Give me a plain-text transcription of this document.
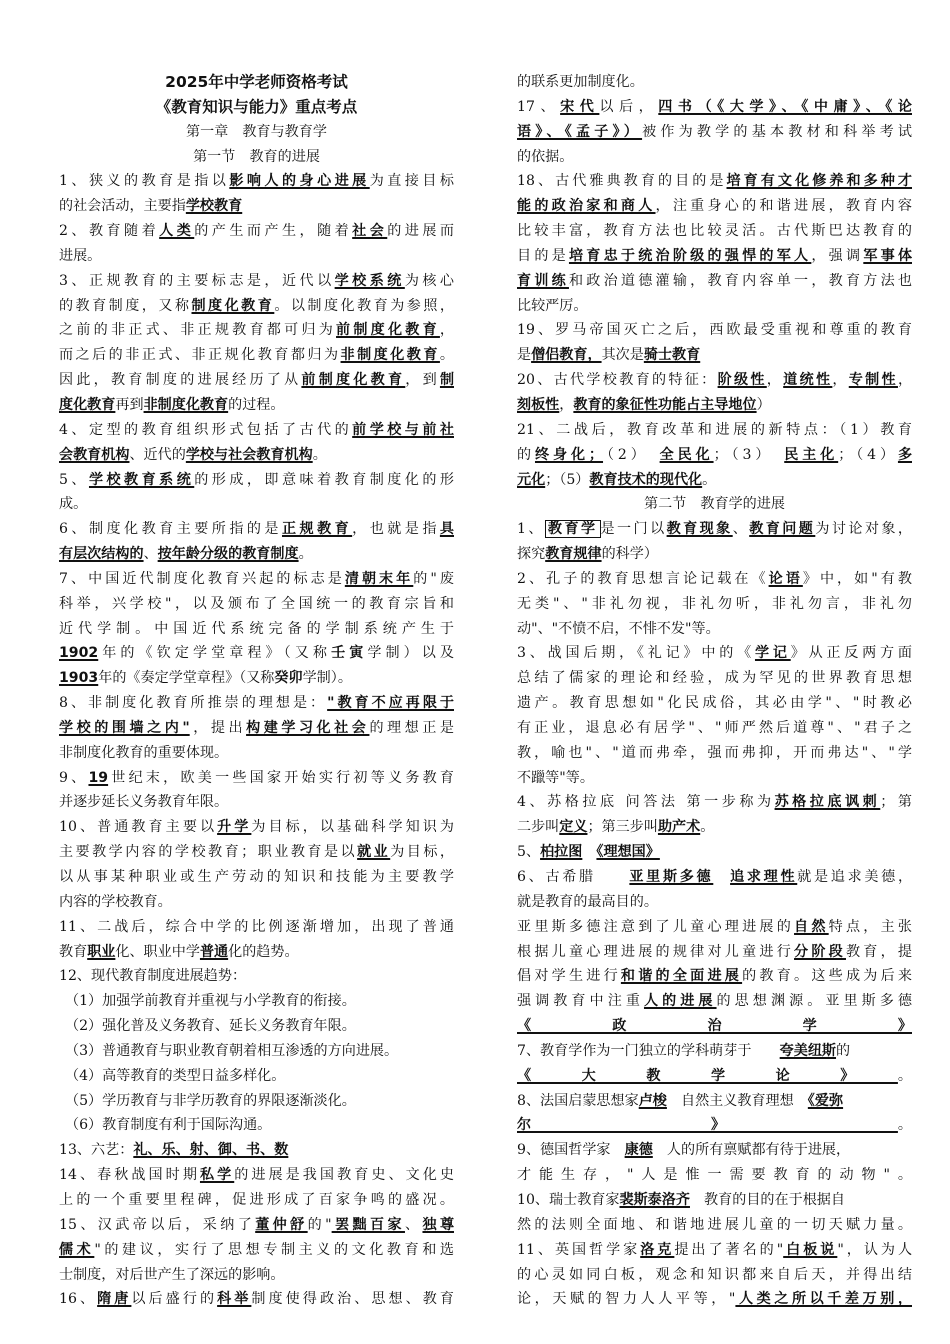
2025年中学老师资格考试
《教育知识与能力》重点考点
第一章　教育与教育学
第一节　教育的进展
1、狭义的教育是指以影响人的身心进展为直接目标
的社会活动，主要指学校教育
2、教育随着人类的产生而产生，随着社会的进展而
进展。
3、正规教育的主要标志是，近代以学校系统为核心
的教育制度，又称制度化教育。以制度化教育为参照，
之前的非正式、非正规教育都可归为前制度化教育，
而之后的非正式、非正规化教育都归为非制度化教育。
因此，教育制度的进展经历了从前制度化教育，到制
度化教育再到非制度化教育的过程。
4、定型的教育组织形式包括了古代的前学校与前社
会教育机构、近代的学校与社会教育机构。
5、学校教育系统的形成，即意味着教育制度化的形
成。
6、制度化教育主要所指的是正规教育，也就是指具
有层次结构的、按年龄分级的教育制度。
7、中国近代制度化教育兴起的标志是清朝末年的"废
科举，兴学校"，以及颁布了全国统一的教育宗旨和
近代学制。中国近代系统完备的学制系统产生于
1902年的《钦定学堂章程》（又称壬寅学制）以及
1903年的《奏定学堂章程》（又称癸卯学制）。
8、非制度化教育所推崇的理想是："教育不应再限于
学校的围墙之内"，提出构建学习化社会的理想正是
非制度化教育的重要体现。
9、19世纪末，欧美一些国家开始实行初等义务教育
并逐步延长义务教育年限。
10、普通教育主要以升学为目标，以基础科学知识为
主要教学内容的学校教育；职业教育是以就业为目标，
以从事某种职业或生产劳动的知识和技能为主要教学
内容的学校教育。
11、二战后，综合中学的比例逐渐增加，出现了普通
教育职业化、职业中学普通化的趋势。
12、现代教育制度进展趋势：
（1）加强学前教育并重视与小学教育的衔接。
（2）强化普及义务教育、延长义务教育年限。
（3）普通教育与职业教育朝着相互渗透的方向进展。
（4）高等教育的类型日益多样化。
（5）学历教育与非学历教育的界限逐渐淡化。
（6）教育制度有利于国际沟通。
13、六艺：礼、乐、射、御、书、数
14、春秋战国时期私学的进展是我国教育史、文化史
上的一个重要里程碑，促进形成了百家争鸣的盛况。
15、汉武帝以后，采纳了董仲舒的"罢黜百家、独尊
儒术"的建议，实行了思想专制主义的文化教育和选
士制度，对后世产生了深远的影响。
16、隋唐以后盛行的科举制度使得政治、思想、教育
的联系更加制度化。
17、宋代以后，四书（《大学》、《中庸》、《论
语》、《孟子》）被作为教学的基本教材和科举考试
的依据。
18、古代雅典教育的目的是培育有文化修养和多种才
能的政治家和商人，注重身心的和谐进展，教育内容
比较丰富，教育方法也比较灵活。古代斯巴达教育的
目的是培育忠于统治阶级的强悍的军人，强调军事体
育训练和政治道德灌输，教育内容单一，教育方法也
比较严厉。
19、罗马帝国灭亡之后，西欧最受重视和尊重的教育
是僧侣教育，其次是骑士教育
20、古代学校教育的特征：阶级性，道统性，专制性，
刻板性，教育的象征性功能占主导地位）
21、二战后，教育改革和进展的新特点：（1）教育
的终身化；（2）　全民化；（3）　民主化；（4）多
元化；（5）教育技术的现代化。
第二节　教育学的进展
1、 教育学 是一门以教育现象、教育问题为讨论对象，
探究教育规律的科学）
2、孔子的教育思想言论记载在《论语》中，如"有教
无类"、"非礼勿视，非礼勿听，非礼勿言，非礼勿
动"、"不愤不启，不悱不发"等。
3、战国后期，《礼记》中的《学记》从正反两方面
总结了儒家的理论和经验，成为罕见的世界教育思想
遗产。教育思想如"化民成俗，其必由学"、"时教必
有正业，退息必有居学"、"师严然后道尊"、"君子之
教，喻也"、"道而弗牵，强而弗抑，开而弗达"、"学
不躐等"等。
4、苏格拉底 问答法 第一步称为苏格拉底讽刺；第
二步叫定义；第三步叫助产术。
5、柏拉图　 《理想国》
6、古希腊　　亚里斯多德　 追求理性就是追求美德，
就是教育的最高目的。
亚里斯多德注意到了儿童心理进展的自然特点，主张
根据儿童心理进展的规律对儿童进行分阶段教育，提
倡对学生进行和谐的全面进展的教育。这些成为后来
强调教育中注重人的进展的思想渊源。亚里斯多德
《政治学》
7、教育学作为一门独立的学科萌芽于　　夸美纽斯的
《大教学论》。
8、法国启蒙思想家卢梭　自然主义教育理想　《爱弥
尔》。
9、德国哲学家　康德　人的所有禀赋都有待于进展，
才能生存，"人是惟一需要教育的动物"。
10、瑞士教育家裴斯泰洛齐　教育的目的在于根据自
然的法则全面地、和谐地进展儿童的一切天赋力量。
11、英国哲学家洛克提出了著名的"白板说"，认为人
的心灵如同白板，观念和知识都来自后天，并得出结
论，天赋的智力人人平等，"人类之所以千差万别，
